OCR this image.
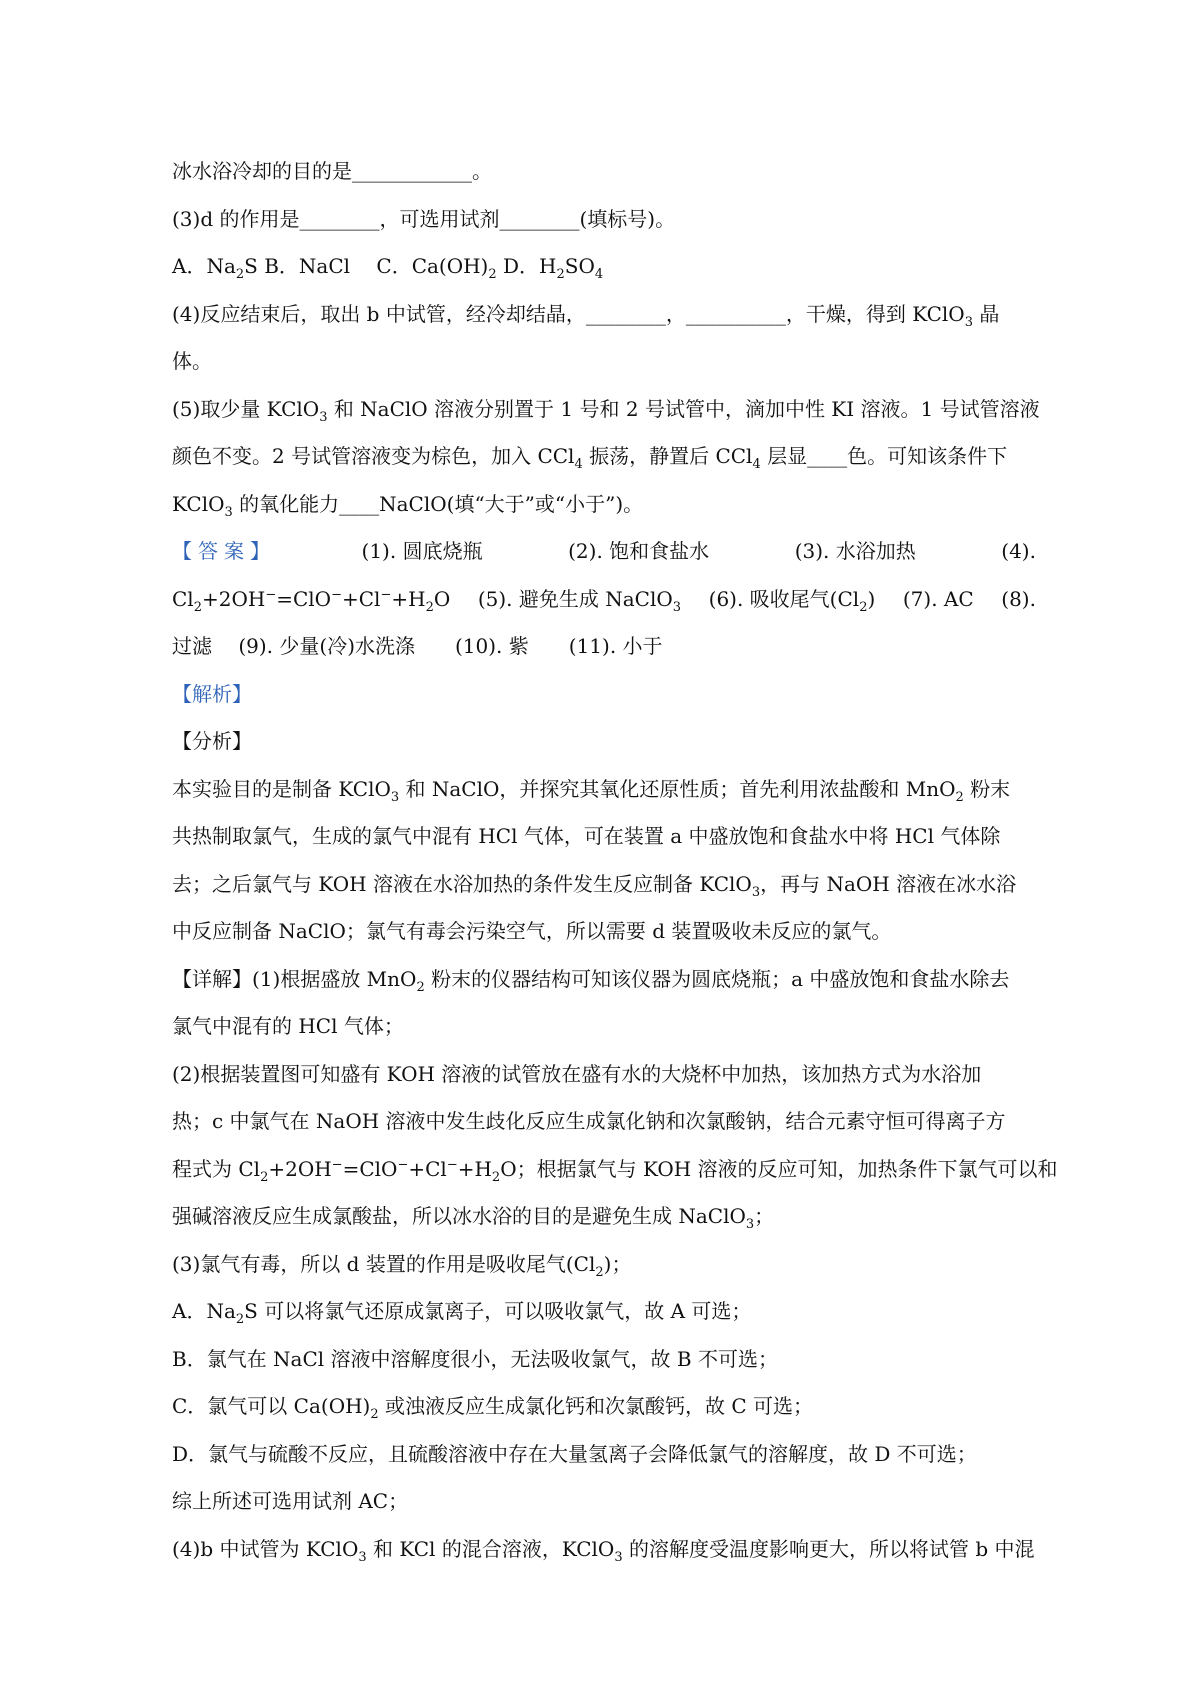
冰水浴冷却的目的是____________。
(3)d 的作用是________，可选用试剂________(填标号)。
A．$Na_2S$ B．NaCl　 C．$Ca(OH)_2$ D．$H_2SO_4$
(4)反应结束后，取出 b 中试管，经冷却结晶，________，__________，干燥，得到 KClO$_3$ 晶
体。
(5)取少量 KClO$_3$ 和 NaClO 溶液分别置于 1 号和 2 号试管中，滴加中性 KI 溶液。1 号试管溶液
颜色不变。2 号试管溶液变为棕色，加入 CCl$_4$ 振荡，静置后 CCl$_4$ 层显____色。可知该条件下
KClO$_3$ 的氧化能力____NaClO(填“大于”或“小于”)。
【答案】	(1). 圆底烧瓶	(2). 饱和食盐水	(3). 水浴加热	(4).
$Cl_2+2OH^-=ClO^-+Cl^-+H_2O$ (5). 避免生成 NaClO$_3$ (6). 吸收尾气$(Cl_2)$ (7). AC (8).
过滤　 (9). 少量(冷)水洗涤　　(10). 紫　　(11). 小于
【解析】
【分析】
本实验目的是制备 KClO$_3$ 和 NaClO，并探究其氧化还原性质；首先利用浓盐酸和 MnO$_2$ 粉末
共热制取氯气，生成的氯气中混有 HCl 气体，可在装置 a 中盛放饱和食盐水中将 HCl 气体除
去；之后氯气与 KOH 溶液在水浴加热的条件发生反应制备 KClO$_3$，再与 NaOH 溶液在冰水浴
中反应制备 NaClO；氯气有毒会污染空气，所以需要 d 装置吸收未反应的氯气。
【详解】(1)根据盛放 MnO$_2$ 粉末的仪器结构可知该仪器为圆底烧瓶；a 中盛放饱和食盐水除去
氯气中混有的 HCl 气体；
(2)根据装置图可知盛有 KOH 溶液的试管放在盛有水的大烧杯中加热，该加热方式为水浴加
热；c 中氯气在 NaOH 溶液中发生歧化反应生成氯化钠和次氯酸钠，结合元素守恒可得离子方
程式为 $Cl_2+2OH^-=ClO^-+Cl^-+H_2O$；根据氯气与 KOH 溶液的反应可知，加热条件下氯气可以和
强碱溶液反应生成氯酸盐，所以冰水浴的目的是避免生成 NaClO$_3$；
(3)氯气有毒，所以 d 装置的作用是吸收尾气$(Cl_2)$；
A．$Na_2S$ 可以将氯气还原成氯离子，可以吸收氯气，故 A 可选；
B．氯气在 NaCl 溶液中溶解度很小，无法吸收氯气，故 B 不可选；
C．氯气可以 $Ca(OH)_2$ 或浊液反应生成氯化钙和次氯酸钙，故 C 可选；
D．氯气与硫酸不反应，且硫酸溶液中存在大量氢离子会降低氯气的溶解度，故 D 不可选；
综上所述可选用试剂 AC；
(4)b 中试管为 KClO$_3$ 和 KCl 的混合溶液，KClO$_3$ 的溶解度受温度影响更大，所以将试管 b 中混
